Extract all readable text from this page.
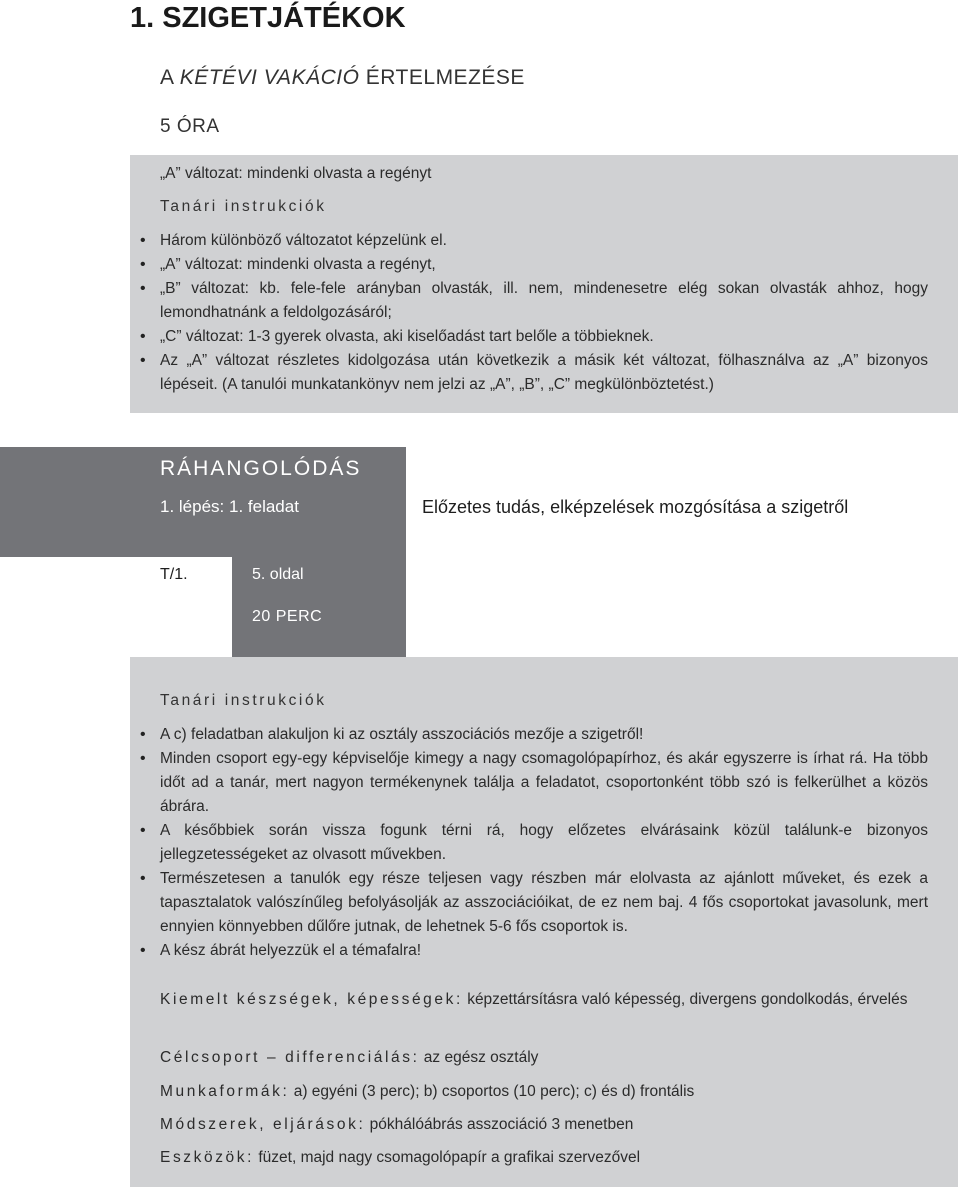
1. SZIGETJÁTÉKOK
A KÉTÉVI VAKÁCIÓ ÉRTELMEZÉSE
5 ÓRA
„A” változat: mindenki olvasta a regényt
Tanári instrukciók
• Három különböző változatot képzelünk el.
• „A” változat: mindenki olvasta a regényt,
• „B” változat: kb. fele-fele arányban olvasták, ill. nem, mindenesetre elég sokan olvasták ahhoz, hogy lemondhatnánk a feldolgozásáról;
• „C” változat: 1-3 gyerek olvasta, aki kiselőadást tart belőle a többieknek.
• Az „A” változat részletes kidolgozása után következik a másik két változat, fölhasználva az „A” bizonyos lépéseit. (A tanulói munkatankönyv nem jelzi az „A”, „B”, „C” megkülönböztetést.)
RÁHANGOLÓDÁS
1. lépés: 1. feladat	Előzetes tudás, elképzelések mozgósítása a szigetről
T/1.	5. oldal
20 PERC
Tanári instrukciók
• A c) feladatban alakuljon ki az osztály asszociációs mezője a szigetről!
• Minden csoport egy-egy képviselője kimegy a nagy csomagolópapírhoz, és akár egyszerre is írhat rá. Ha több időt ad a tanár, mert nagyon termékenynek találja a feladatot, csoportonként több szó is felkerülhet a közös ábrára.
• A későbbiek során vissza fogunk térni rá, hogy előzetes elvárásaink közül találunk-e bizonyos jellegzetességeket az olvasott művekben.
• Természetesen a tanulók egy része teljesen vagy részben már elolvasta az ajánlott műveket, és ezek a tapasztalatok valószínűleg befolyásolják az asszociációikat, de ez nem baj. 4 fős csoportokat javasolunk, mert ennyien könnyebben dűlőre jutnak, de lehetnek 5-6 fős csoportok is.
• A kész ábrát helyezzük el a témafalra!
Kiemelt készségek, képességek: képzettársításra való képesség, divergens gondolkodás, érvelés
Célcsoport – differenciálás: az egész osztály
Munkaformák: a) egyéni (3 perc); b) csoportos (10 perc); c) és d) frontális
Módszerek, eljárások: pókhálóábrás asszociáció 3 menetben
Eszközök: füzet, majd nagy csomagolópapír a grafikai szervezővel
